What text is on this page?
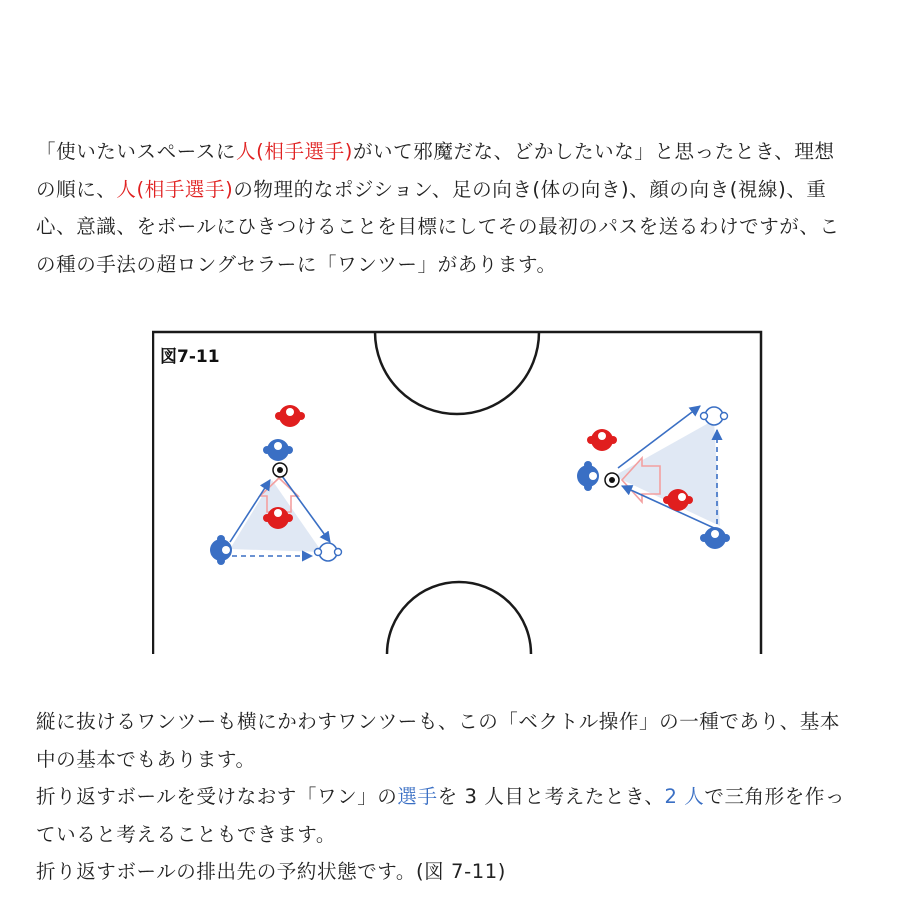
「使いたいスペースに人(相手選手)がいて邪魔だな、どかしたいな」と思ったとき、理想
の順に、人(相手選手)の物理的なポジション、足の向き(体の向き)、顔の向き(視線)、重
心、意識、をボールにひきつけることを目標にしてその最初のパスを送るわけですが、こ
の種の手法の超ロングセラーに「ワンツー」があります。
図7-11
縦に抜けるワンツーも横にかわすワンツーも、この「ベクトル操作」の一種であり、基本
中の基本でもあります。
折り返すボールを受けなおす「ワン」の選手を 3 人目と考えたとき、2 人で三角形を作っ
ていると考えることもできます。
折り返すボールの排出先の予約状態です。(図 7-11)
